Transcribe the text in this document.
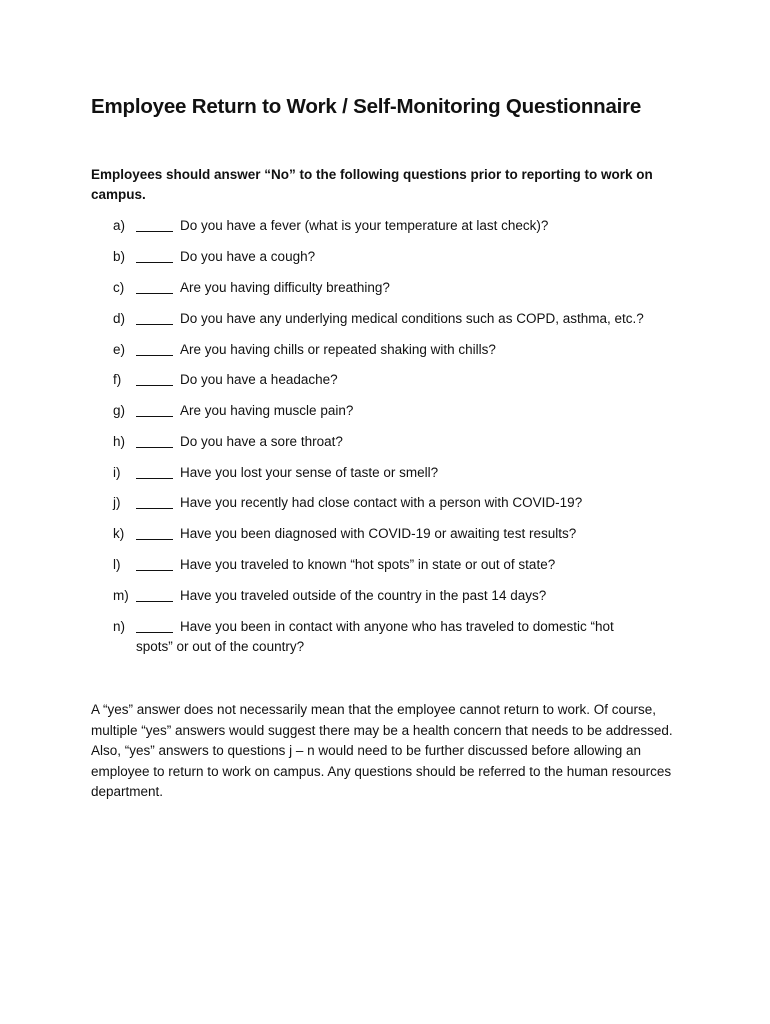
Employee Return to Work / Self-Monitoring Questionnaire
Employees should answer “No” to the following questions prior to reporting to work on campus.
a)	Do you have a fever (what is your temperature at last check)?
b)	Do you have a cough?
c)	Are you having difficulty breathing?
d)	Do you have any underlying medical conditions such as COPD, asthma, etc.?
e)	Are you having chills or repeated shaking with chills?
f)	Do you have a headache?
g)	Are you having muscle pain?
h)	Do you have a sore throat?
i)	Have you lost your sense of taste or smell?
j)	Have you recently had close contact with a person with COVID-19?
k)	Have you been diagnosed with COVID-19 or awaiting test results?
l)	Have you traveled to known “hot spots” in state or out of state?
m)	Have you traveled outside of the country in the past 14 days?
n)	Have you been in contact with anyone who has traveled to domestic “hot
spots” or out of the country?
A “yes” answer does not necessarily mean that the employee cannot return to work. Of course, multiple “yes” answers would suggest there may be a health concern that needs to be addressed. Also, “yes” answers to questions j – n would need to be further discussed before allowing an employee to return to work on campus. Any questions should be referred to the human resources department.
